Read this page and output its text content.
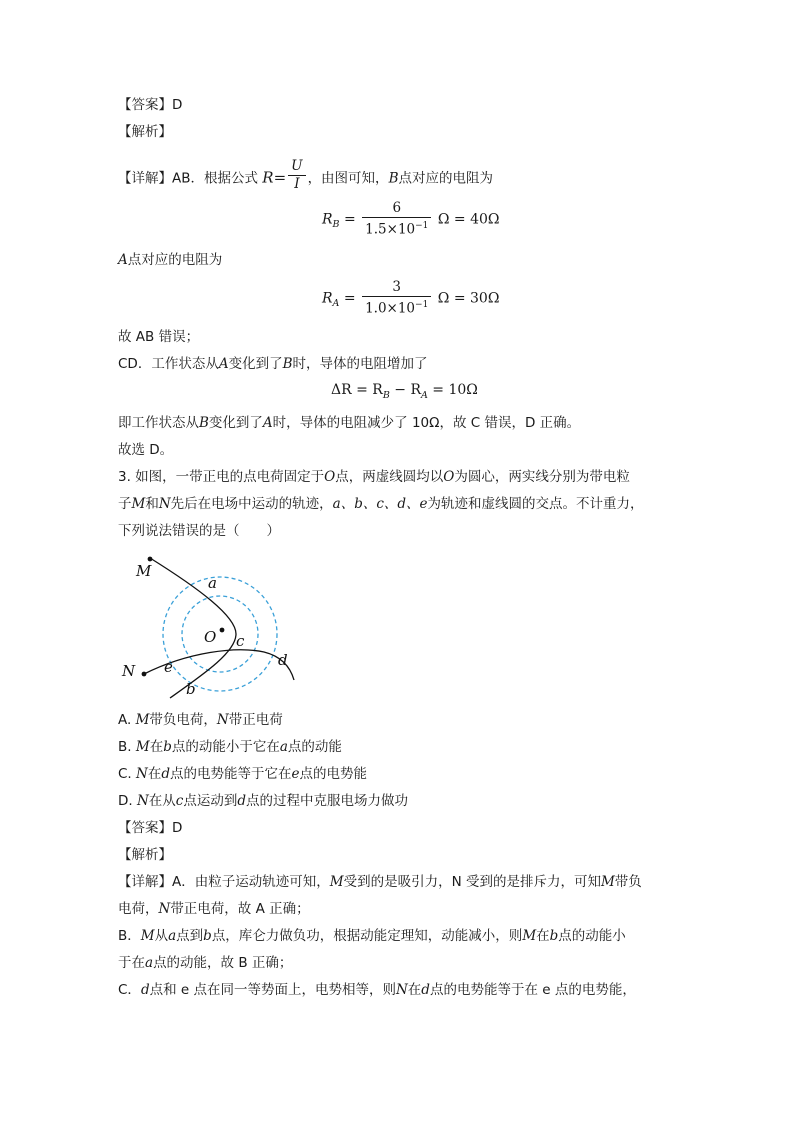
【答案】D
【解析】
【详解】AB．根据公式 $R= \frac{U}{I}$ ，由图可知，B点对应的电阻为
$R_B = \frac{6}{1.5\times 10^{-1}}$ Ω = 40Ω
A点对应的电阻为
$R_A = \frac{3}{1.0\times 10^{-1}}$ Ω = 30Ω
故 AB 错误；
CD．工作状态从A变化到了B时，导体的电阻增加了
$\Delta R = R_B - R_A = 10\Omega$
即工作状态从B变化到了A时，导体的电阻减少了 10Ω，故 C 错误，D 正确。
故选 D。
3. 如图，一带正电的点电荷固定于O点，两虚线圆均以O为圆心，两实线分别为带电粒
子M和N先后在电场中运动的轨迹，a、b、c、d、e为轨迹和虚线圆的交点。不计重力，
下列说法错误的是（　　）
M
a
O c
d
N e
b
A. M带负电荷，N带正电荷
B. M在b点的动能小于它在a点的动能
C. N在d点的电势能等于它在e点的电势能
D. N在从c点运动到d点的过程中克服电场力做功
【答案】D
【解析】
【详解】A．由粒子运动轨迹可知，M受到的是吸引力，N 受到的是排斥力，可知M带负
电荷，N带正电荷，故 A 正确；
B．M从a点到b点，库仑力做负功，根据动能定理知，动能减小，则M在b点的动能小
于在a点的动能，故 B 正确；
C．d点和 e 点在同一等势面上，电势相等，则N在d点的电势能等于在 e 点的电势能，
